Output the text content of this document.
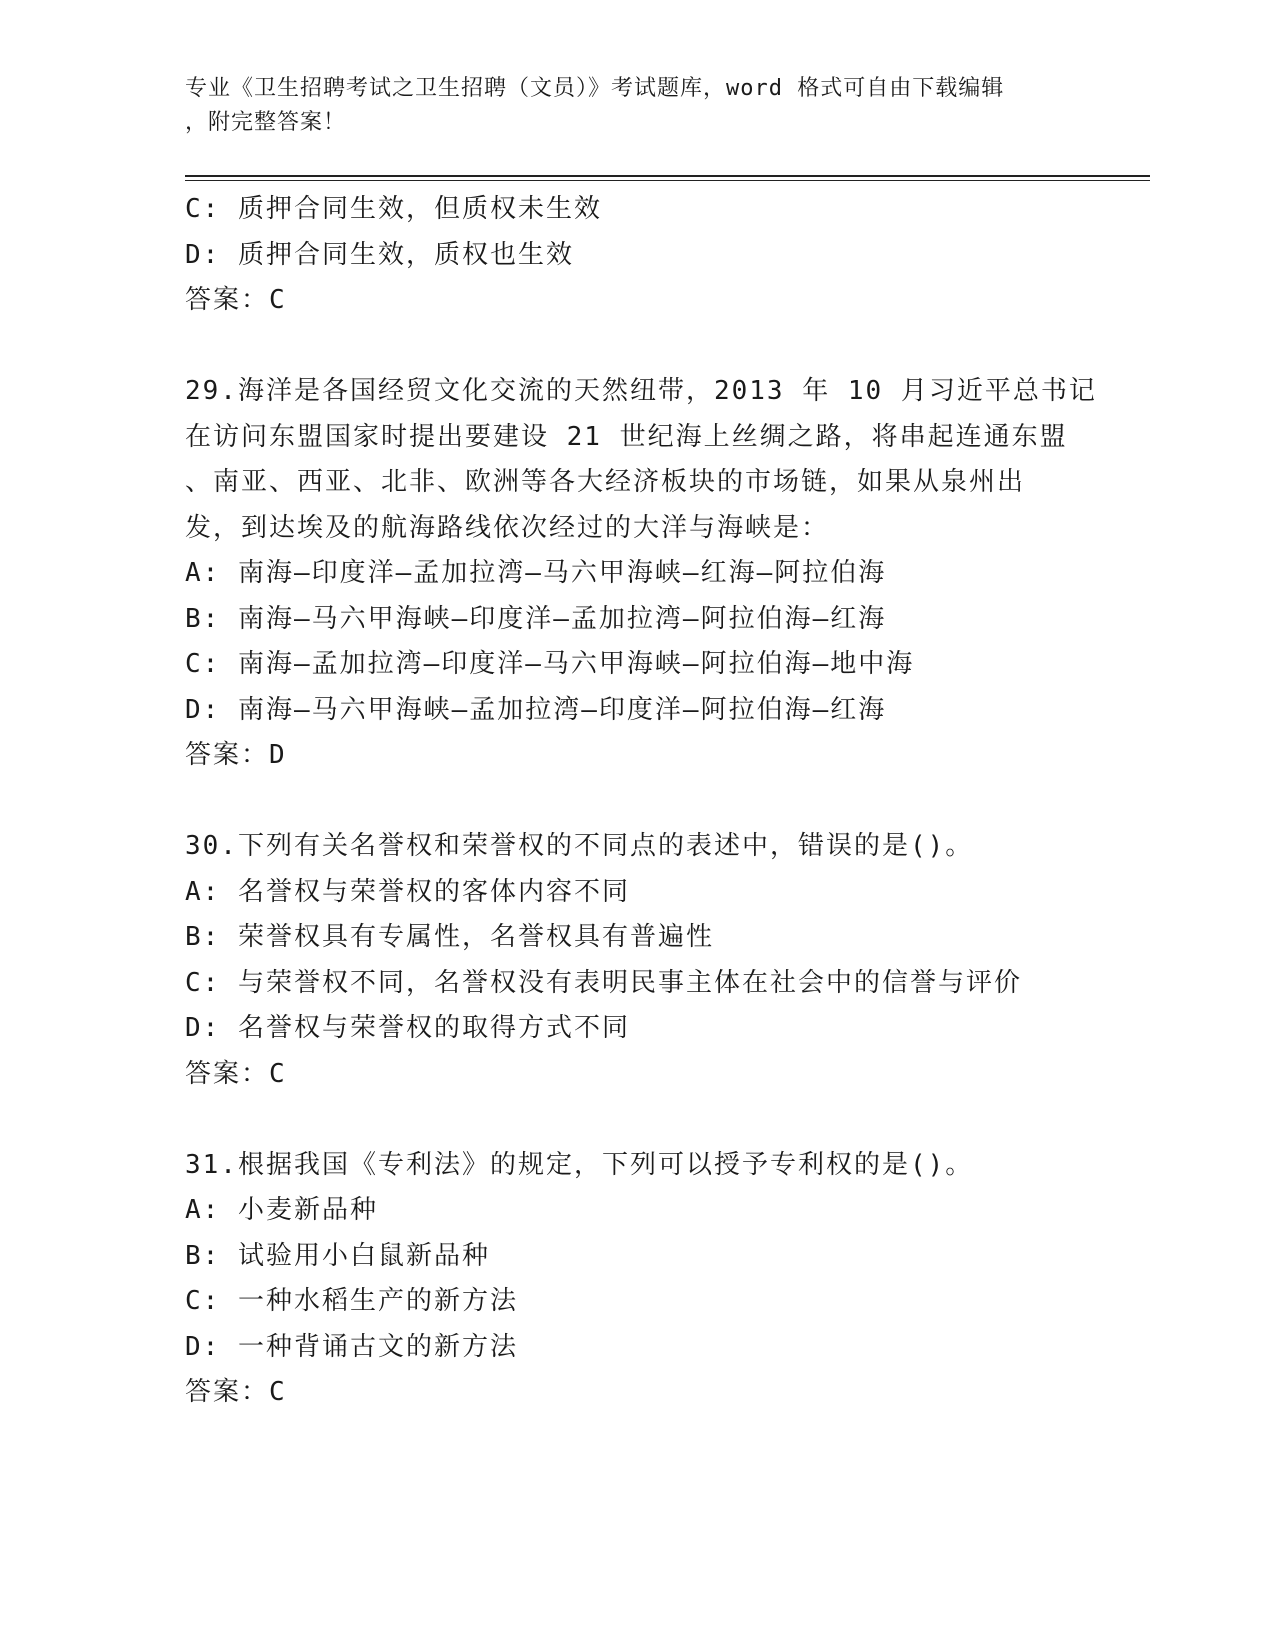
专业《卫生招聘考试之卫生招聘（文员）》考试题库，word 格式可自由下载编辑
，附完整答案！
C: 质押合同生效，但质权未生效
D: 质押合同生效，质权也生效
答案：C
29.海洋是各国经贸文化交流的天然纽带，2013 年 10 月习近平总书记
在访问东盟国家时提出要建设 21 世纪海上丝绸之路，将串起连通东盟
、南亚、西亚、北非、欧洲等各大经济板块的市场链，如果从泉州出
发，到达埃及的航海路线依次经过的大洋与海峡是：
A: 南海—印度洋—孟加拉湾—马六甲海峡—红海—阿拉伯海
B: 南海—马六甲海峡—印度洋—孟加拉湾—阿拉伯海—红海
C: 南海—孟加拉湾—印度洋—马六甲海峡—阿拉伯海—地中海
D: 南海—马六甲海峡—孟加拉湾—印度洋—阿拉伯海—红海
答案：D
30.下列有关名誉权和荣誉权的不同点的表述中，错误的是()。
A: 名誉权与荣誉权的客体内容不同
B: 荣誉权具有专属性，名誉权具有普遍性
C: 与荣誉权不同，名誉权没有表明民事主体在社会中的信誉与评价
D: 名誉权与荣誉权的取得方式不同
答案：C
31.根据我国《专利法》的规定，下列可以授予专利权的是()。
A: 小麦新品种
B: 试验用小白鼠新品种
C: 一种水稻生产的新方法
D: 一种背诵古文的新方法
答案：C
